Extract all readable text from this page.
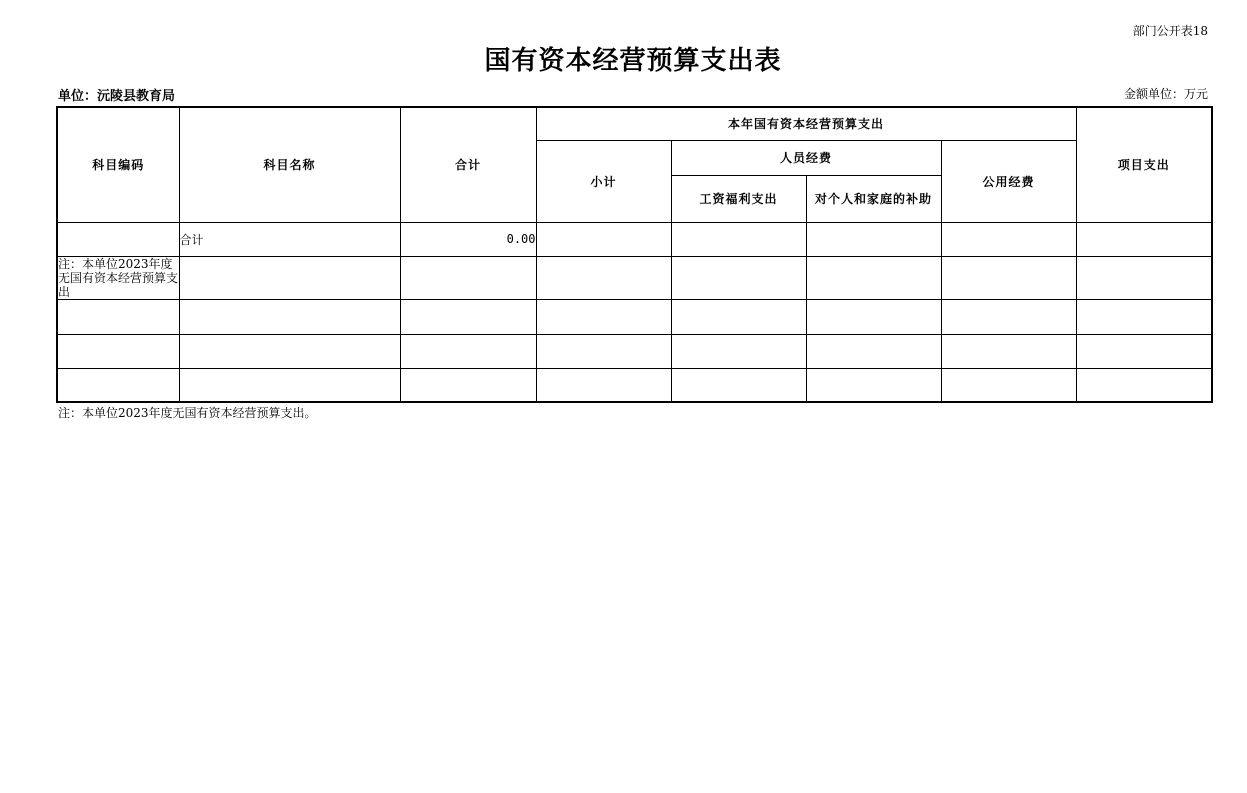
部门公开表18
国有资本经营预算支出表
单位：沅陵县教育局	金额单位：万元
科目编码	科目名称	合计	本年国有资本经营预算支出				项目支出
			小计	人员经费		公用经费	
				工资福利支出	对个人和家庭的补助		
	合计	0.00					
注：本单位2023年度无国有资本经营预算支出							

注：本单位2023年度无国有资本经营预算支出。
